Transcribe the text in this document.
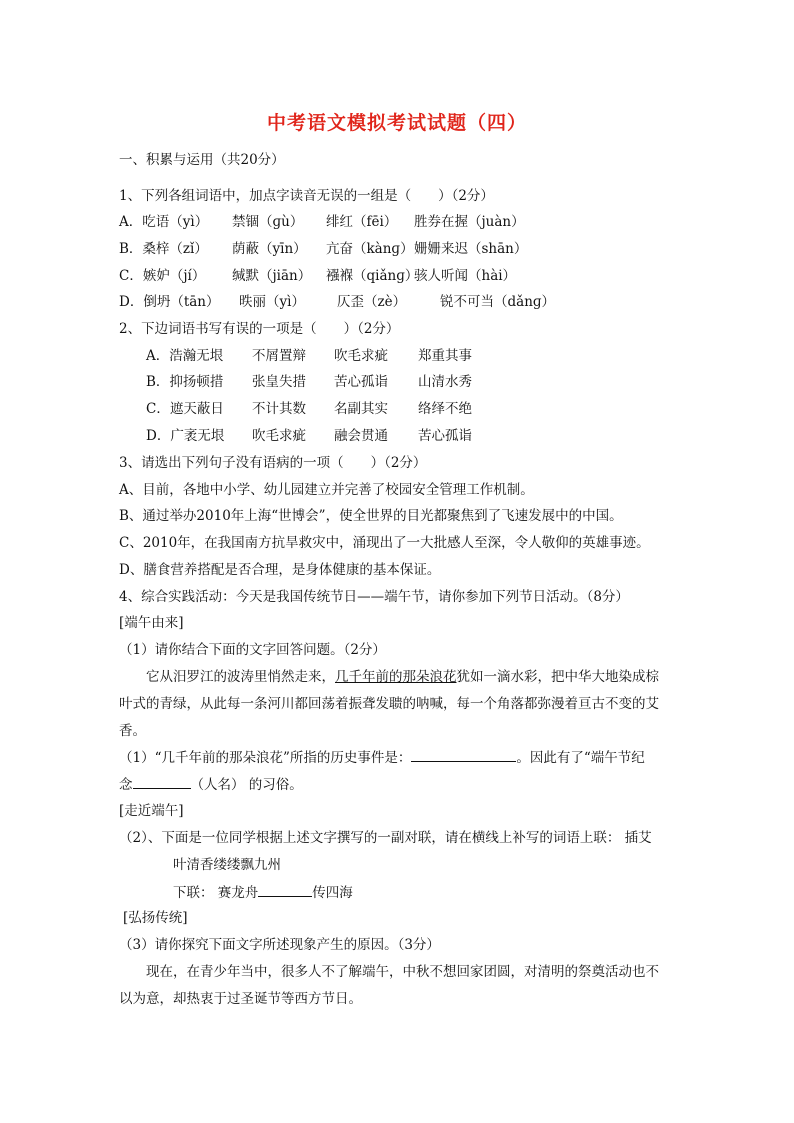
中考语文模拟考试试题（四）
一、积累与运用（共20分）
1、下列各组词语中，加点字读音无误的一组是（　　）（2分）
A．吃语（yì） 禁锢（ɡù） 绯红（fēi） 胜券在握（juàn）
B．桑梓（zǐ） 荫蔽（yīn） 亢奋（kànɡ）姗姗来迟（shān）
C．嫉妒（jí） 缄默（jiān） 襁褓（qiǎnɡ）骇人听闻（hài）
D．倒坍（tān） 昳丽（yì） 仄歪（zè）	锐不可当（dǎnɡ）
2、下边词语书写有误的一项是（　　）（2分）
A．浩瀚无垠 不屑置辩 吹毛求疵 郑重其事
B．抑扬顿措 张皇失措 苦心孤诣 山清水秀
C．遮天蔽日 不计其数 名副其实 络绎不绝
D．广袤无垠 吹毛求疵 融会贯通 苦心孤诣
3、请选出下列句子没有语病的一项（　　）（2分）
A、目前，各地中小学、幼儿园建立并完善了校园安全管理工作机制。
B、通过举办2010年上海“世博会”，使全世界的目光都聚焦到了飞速发展中的中国。
C、2010年，在我国南方抗旱救灾中，涌现出了一大批感人至深，令人敬仰的英雄事迹。
D、膳食营养搭配是否合理，是身体健康的基本保证。
4、综合实践活动：今天是我国传统节日——端午节，请你参加下列节日活动。（8分）
[端午由来]
（1）请你结合下面的文字回答问题。（2分）
它从汨罗江的波涛里悄然走来，几千年前的那朵浪花犹如一滴水彩，把中华大地染成棕
叶式的青绿，从此每一条河川都回荡着振聋发聩的呐喊，每一个角落都弥漫着亘古不变的艾
香。
（1）“几千年前的那朵浪花”所指的历史事件是：	。因此有了“端午节纪
念	（人名） 的习俗。
[走近端午]
（2）、下面是一位同学根据上述文字撰写的一副对联，请在横线上补写的词语上联： 插艾
叶清香缕缕飘九州
下联： 赛龙舟	传四海
[弘扬传统]
（3）请你探究下面文字所述现象产生的原因。（3分）
现在，在青少年当中，很多人不了解端午，中秋不想回家团圆，对清明的祭奠活动也不
以为意，却热衷于过圣诞节等西方节日。
